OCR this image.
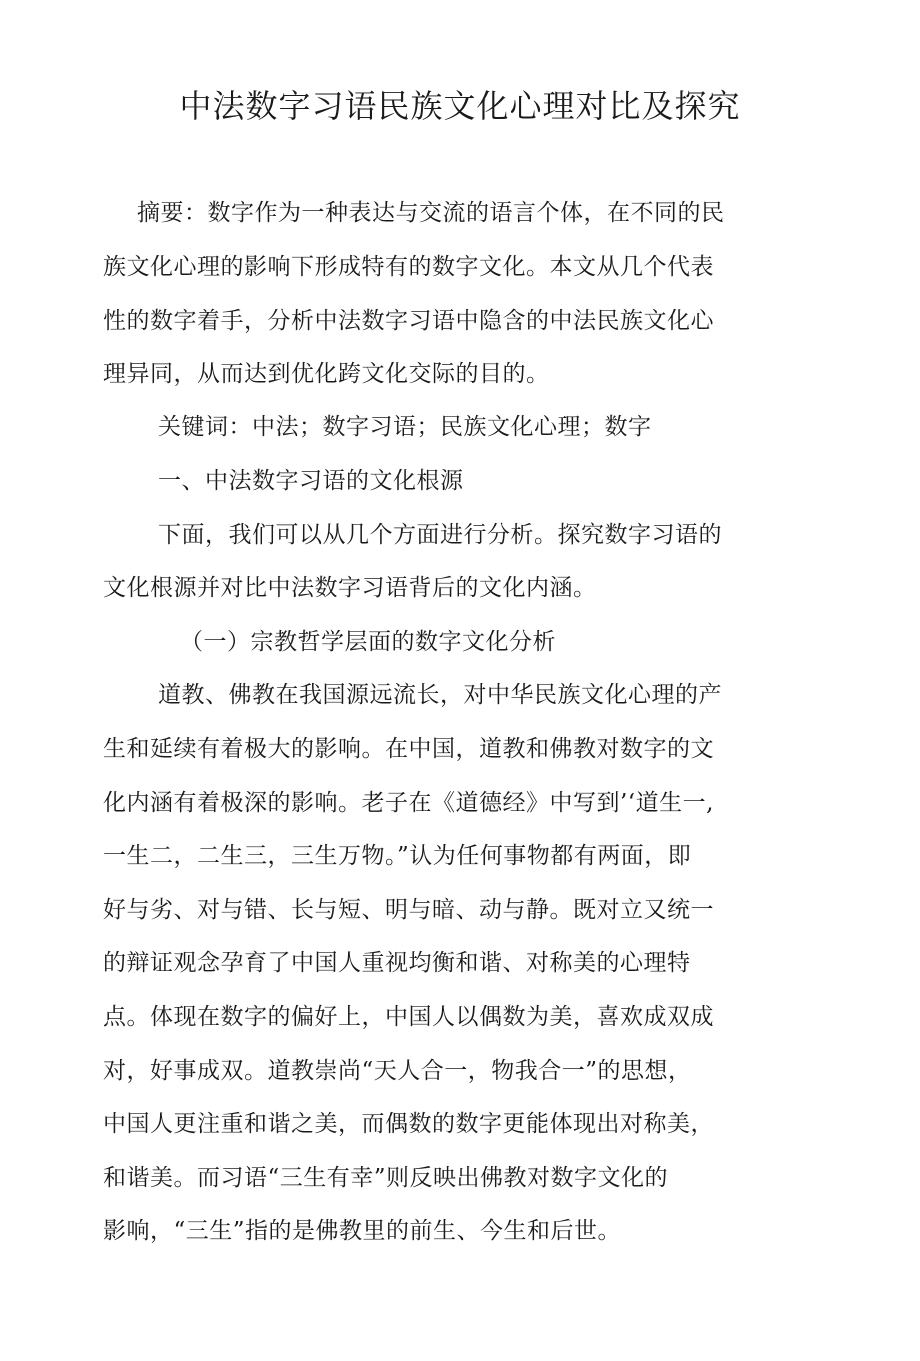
中法数字习语民族文化心理对比及探究
摘要：数字作为一种表达与交流的语言个体，在不同的民
族文化心理的影响下形成特有的数字文化。本文从几个代表
性的数字着手，分析中法数字习语中隐含的中法民族文化心
理异同，从而达到优化跨文化交际的目的。
关键词：中法；数字习语；民族文化心理；数字
一、中法数字习语的文化根源
下面，我们可以从几个方面进行分析。探究数字习语的
文化根源并对比中法数字习语背后的文化内涵。
（一）宗教哲学层面的数字文化分析
道教、佛教在我国源远流长，对中华民族文化心理的产
生和延续有着极大的影响。在中国，道教和佛教对数字的文
化内涵有着极深的影响。老子在《道德经》中写到’‘道生一,
一生二，二生三，三生万物。”认为任何事物都有两面，即
好与劣、对与错、长与短、明与暗、动与静。既对立又统一
的辩证观念孕育了中国人重视均衡和谐、对称美的心理特
点。体现在数字的偏好上，中国人以偶数为美，喜欢成双成
对，好事成双。道教崇尚“天人合一，物我合一”的思想，
中国人更注重和谐之美，而偶数的数字更能体现出对称美，
和谐美。而习语“三生有幸”则反映出佛教对数字文化的
影响，“三生”指的是佛教里的前生、今生和后世。
